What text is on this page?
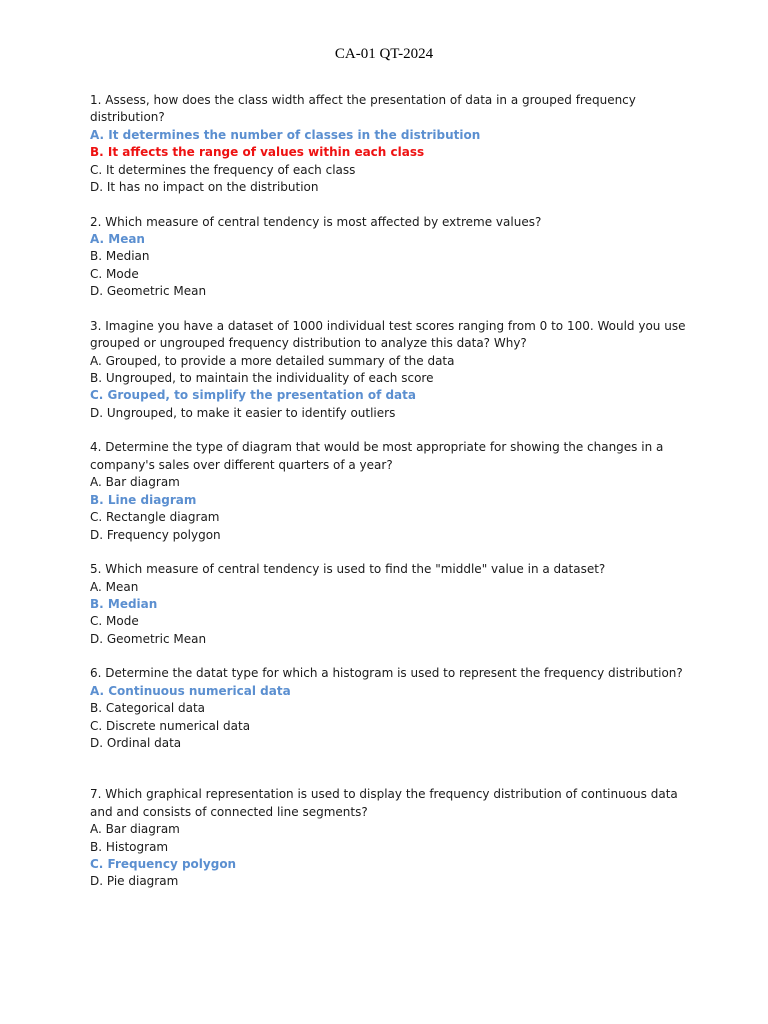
CA-01 QT-2024
1. Assess, how does the class width affect the presentation of data in a grouped frequency distribution?
A. It determines the number of classes in the distribution
B. It affects the range of values within each class
C. It determines the frequency of each class
D. It has no impact on the distribution
2. Which measure of central tendency is most affected by extreme values?
A. Mean
B. Median
C. Mode
D. Geometric Mean
3. Imagine you have a dataset of 1000 individual test scores ranging from 0 to 100. Would you use grouped or ungrouped frequency distribution to analyze this data? Why?
A. Grouped, to provide a more detailed summary of the data
B. Ungrouped, to maintain the individuality of each score
C. Grouped, to simplify the presentation of data
D. Ungrouped, to make it easier to identify outliers
4. Determine the type of diagram that would be most appropriate for showing the changes in a company's sales over different quarters of a year?
A. Bar diagram
B. Line diagram
C. Rectangle diagram
D. Frequency polygon
5. Which measure of central tendency is used to find the "middle" value in a dataset?
A. Mean
B. Median
C. Mode
D. Geometric Mean
6. Determine the datat type for which a histogram is used to represent the frequency distribution?
A. Continuous numerical data
B. Categorical data
C. Discrete numerical data
D. Ordinal data
7. Which graphical representation is used to display the frequency distribution of continuous data and and consists of connected line segments?
A. Bar diagram
B. Histogram
C. Frequency polygon
D. Pie diagram
